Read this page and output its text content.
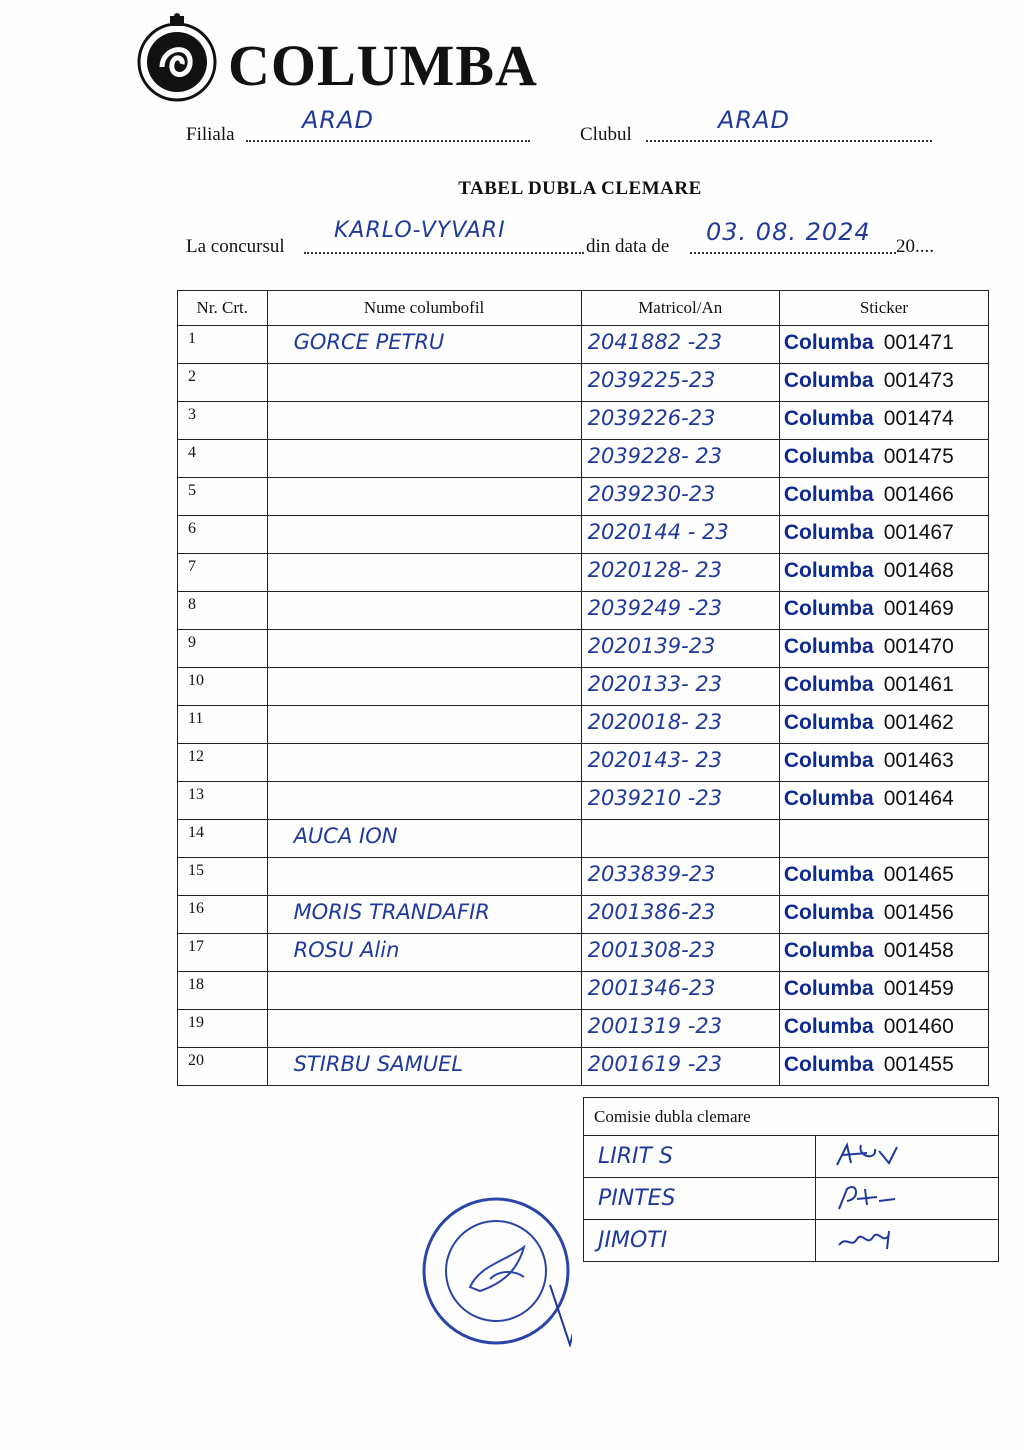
COLUMBA
Filiala
ARAD
Clubul
ARAD
TABEL DUBLA CLEMARE
La concursul
KARLO-VYVARI
din data de
03. 08. 2024
20....
Nr. Crt.	Nume columbofil	Matricol/An	Sticker
1	GORCE PETRU	2041882 -23	Columba 001471

2		2039225-23	Columba 001473

3		2039226-23	Columba 001474

4		2039228- 23	Columba 001475

5		2039230-23	Columba 001466

6		2020144 - 23	Columba 001467

7		2020128- 23	Columba 001468

8		2039249 -23	Columba 001469

9		2020139-23	Columba 001470

10		2020133- 23	Columba 001461

11		2020018- 23	Columba 001462

12		2020143- 23	Columba 001463

13		2039210 -23	Columba 001464

14	AUCA ION		

15		2033839-23	Columba 001465

16	MORIS TRANDAFIR	2001386-23	Columba 001456

17	ROSU Alin	2001308-23	Columba 001458

18		2001346-23	Columba 001459

19		2001319 -23	Columba 001460

20	STIRBU SAMUEL	2001619 -23	Columba 001455
Comisie dubla clemare	
LIRIT S	
PINTES	
JIMOTI	
